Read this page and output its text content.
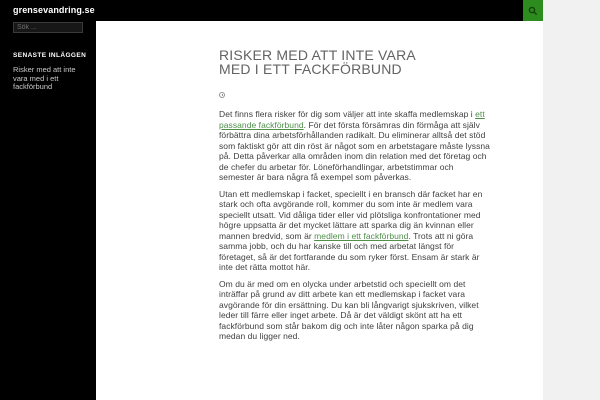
grensevandring.se
Sök ...
SENASTE INLÄGGEN
Risker med att inte vara med i ett fackförbund
RISKER MED ATT INTE VARA MED I ETT FACKFÖRBUND

Det finns flera risker för dig som väljer att inte skaffa medlemskap i ett passande fackförbund. För det första försämras din förmåga att själv förbättra dina arbetsförhållanden radikalt. Du eliminerar alltså det stöd som faktiskt gör att din röst är något som en arbetstagare måste lyssna på. Detta påverkar alla områden inom din relation med det företag och de chefer du arbetar för. Löneförhandlingar, arbetstimmar och semester är bara några få exempel som påverkas.

Utan ett medlemskap i facket, speciellt i en bransch där facket har en stark och ofta avgörande roll, kommer du som inte är medlem vara speciellt utsatt. Vid dåliga tider eller vid plötsliga konfrontationer med högre uppsatta är det mycket lättare att sparka dig än kvinnan eller mannen bredvid, som är medlem i ett fackförbund. Trots att ni göra samma jobb, och du har kanske till och med arbetat längst för företaget, så är det fortfarande du som ryker först. Ensam är stark är inte det rätta mottot här.

Om du är med om en olycka under arbetstid och speciellt om det inträffar på grund av ditt arbete kan ett medlemskap i facket vara avgörande för din ersättning. Du kan bli långvarigt sjukskriven, vilket leder till färre eller inget arbete. Då är det väldigt skönt att ha ett fackförbund som står bakom dig och inte låter någon sparka på dig medan du ligger ned.
